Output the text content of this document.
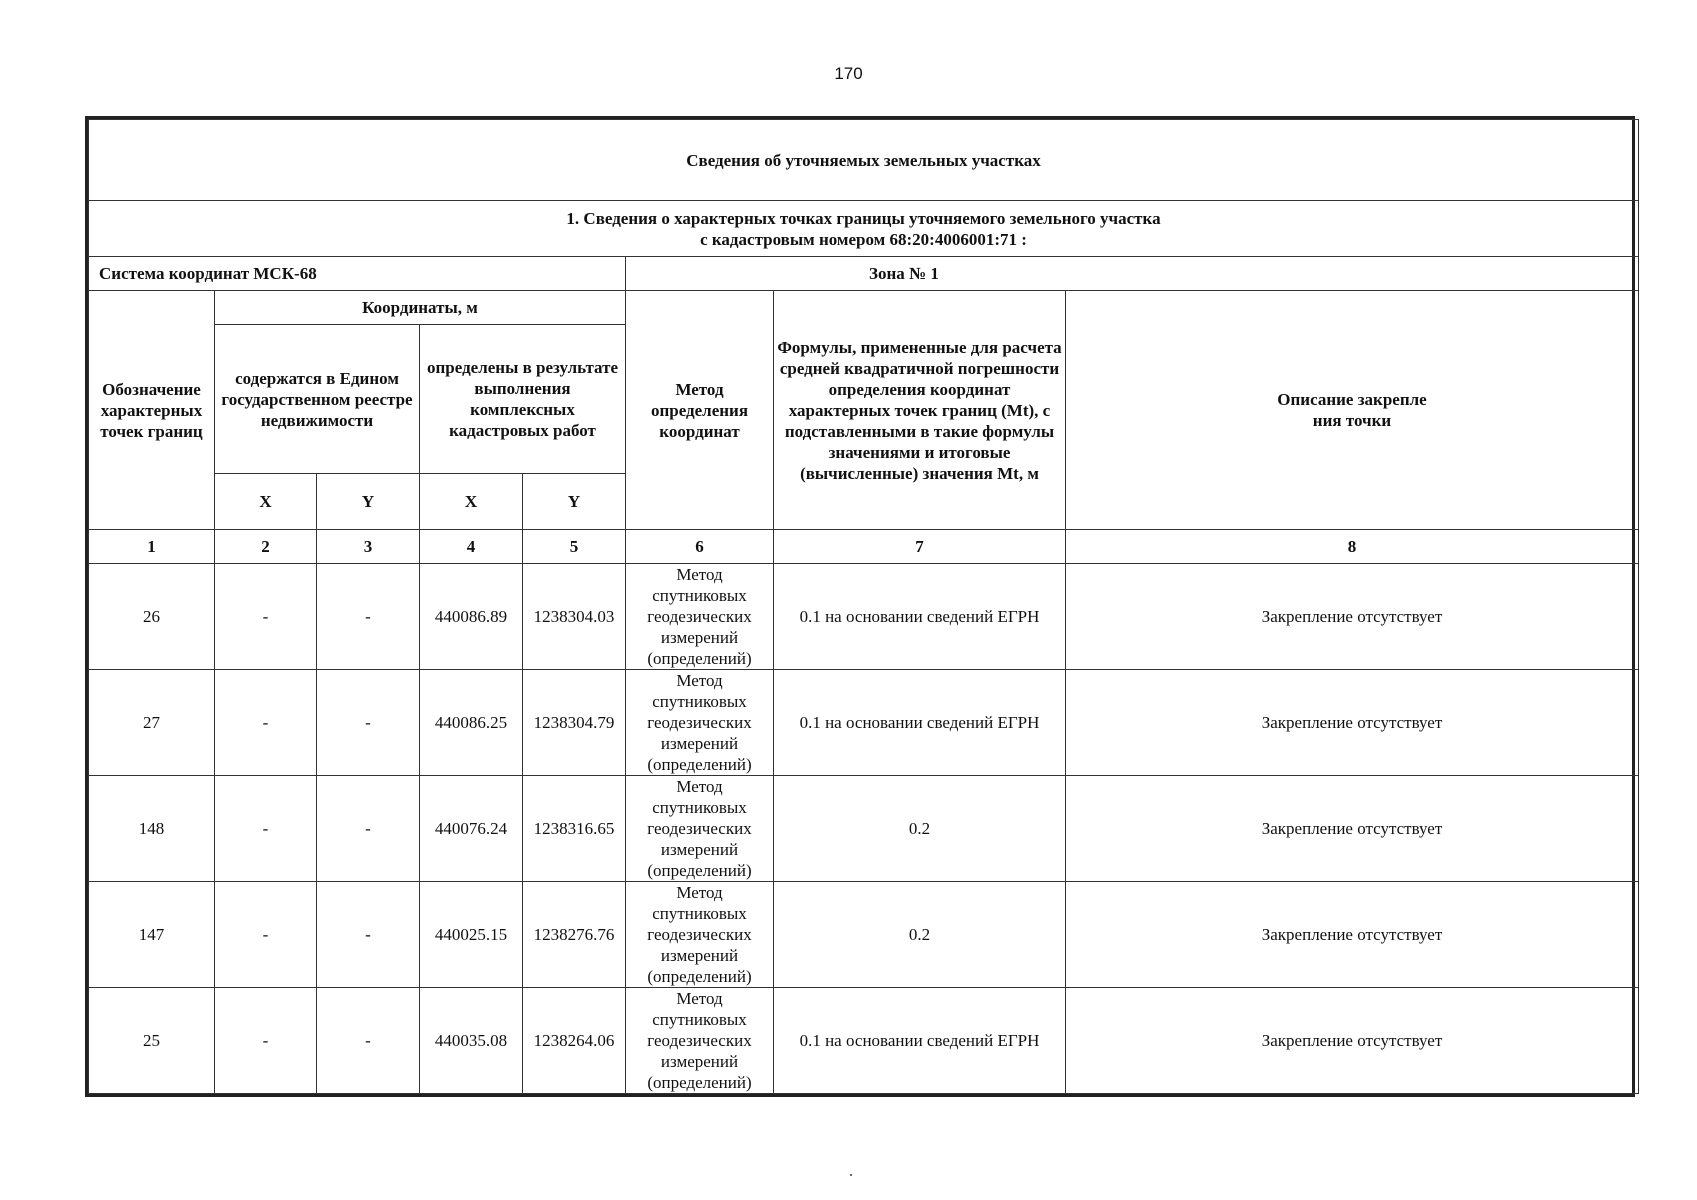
170
Сведения об уточняемых земельных участках							

1. Сведения о характерных точках границы уточняемого земельного участка
с кадастровым номером 68:20:4006001:71 :							

Система координат МСК-68					Зона № 1		
Обозначение характерных точек границ	Координаты, м				Метод определения координат	Формулы, примененные для расчета средней квадратичной погрешности определения координат характерных точек границ (Mt), с подставленными в такие формулы значениями и итоговые (вычисленные) значения Mt, м	Описание закрепле
ния точки

	содержатся в Едином государственном реестре недвижимости		определены в результате выполнения комплексных кадастровых работ				
	X	Y	X	Y			
1	2	3	4	5	6	7	8
26	-	-	440086.89	1238304.03	Метод
спутниковых
геодезических
измерений
(определений)	0.1 на основании сведений ЕГРН	Закрепление отсутствует
27	-	-	440086.25	1238304.79	Метод
спутниковых
геодезических
измерений
(определений)	0.1 на основании сведений ЕГРН	Закрепление отсутствует
148	-	-	440076.24	1238316.65	Метод
спутниковых
геодезических
измерений
(определений)	0.2	Закрепление отсутствует
147	-	-	440025.15	1238276.76	Метод
спутниковых
геодезических
измерений
(определений)	0.2	Закрепление отсутствует
25	-	-	440035.08	1238264.06	Метод
спутниковых
геодезических
измерений
(определений)	0.1 на основании сведений ЕГРН	Закрепление отсутствует
